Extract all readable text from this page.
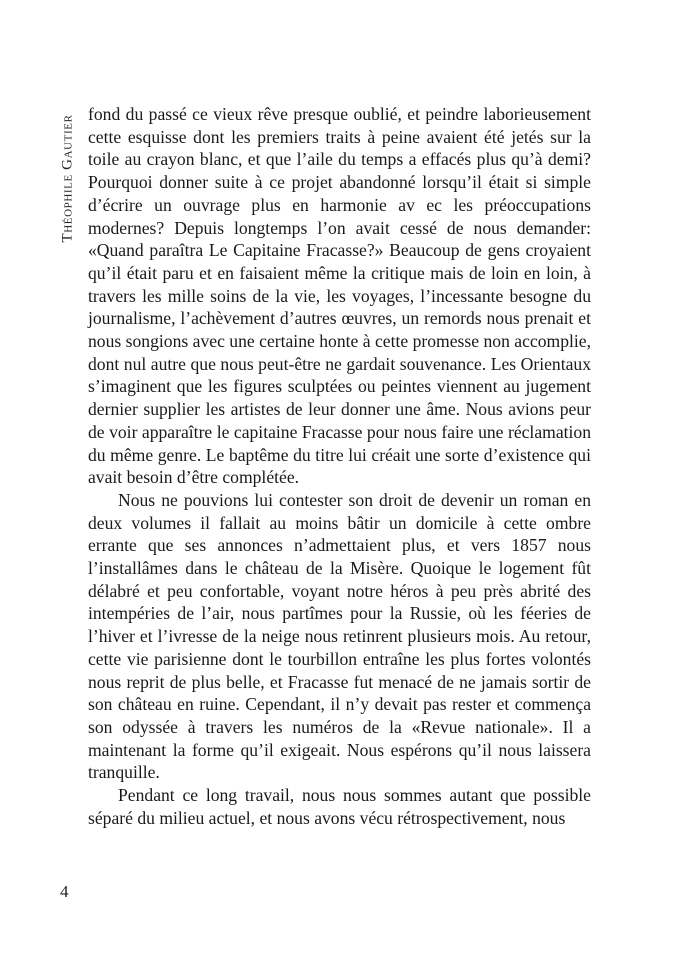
Théophile Gautier fond du passé ce vieux rêve presque oublié, et peindre laborieusement cette esquisse dont les premiers traits à peine avaient été jetés sur la toile au crayon blanc, et que l’aile du temps a effacés plus qu’à demi? Pourquoi donner suite à ce projet abandonné lorsqu’il était si simple d’écrire un ouvrage plus en harmonie av ec les préoccupations modernes? Depuis longtemps l’on avait cessé de nous demander: «Quand paraîtra Le Capitaine Fracasse?» Beaucoup de gens croyaient qu’il était paru et en faisaient même la critique mais de loin en loin, à travers les mille soins de la vie, les voyages, l’incessante besogne du journalisme, l’achèvement d’autres œuvres, un remords nous prenait et nous songions avec une certaine honte à cette promesse non accomplie, dont nul autre que nous peut-être ne gardait souvenance. Les Orientaux s’imaginent que les figures sculptées ou peintes viennent au jugement dernier supplier les artistes de leur donner une âme. Nous avions peur de voir apparaître le capitaine Fracasse pour nous faire une réclamation du même genre. Le baptême du titre lui créait une sorte d’existence qui avait besoin d’être complétée.

Nous ne pouvions lui contester son droit de devenir un roman en deux volumes il fallait au moins bâtir un domicile à cette ombre errante que ses annonces n’admettaient plus, et vers 1857 nous l’installâmes dans le château de la Misère. Quoique le logement fût délabré et peu confortable, voyant notre héros à peu près abrité des intempéries de l’air, nous partîmes pour la Russie, où les féeries de l’hiver et l’ivresse de la neige nous retinrent plusieurs mois. Au retour, cette vie parisienne dont le tourbillon entraîne les plus fortes volontés nous reprit de plus belle, et Fracasse fut menacé de ne jamais sortir de son château en ruine. Cependant, il n’y devait pas rester et commença son odyssée à travers les numéros de la «Revue nationale». Il a maintenant la forme qu’il exigeait. Nous espérons qu’il nous laissera tranquille.

Pendant ce long travail, nous nous sommes autant que possible séparé du milieu actuel, et nous avons vécu rétrospectivement, nous

4
